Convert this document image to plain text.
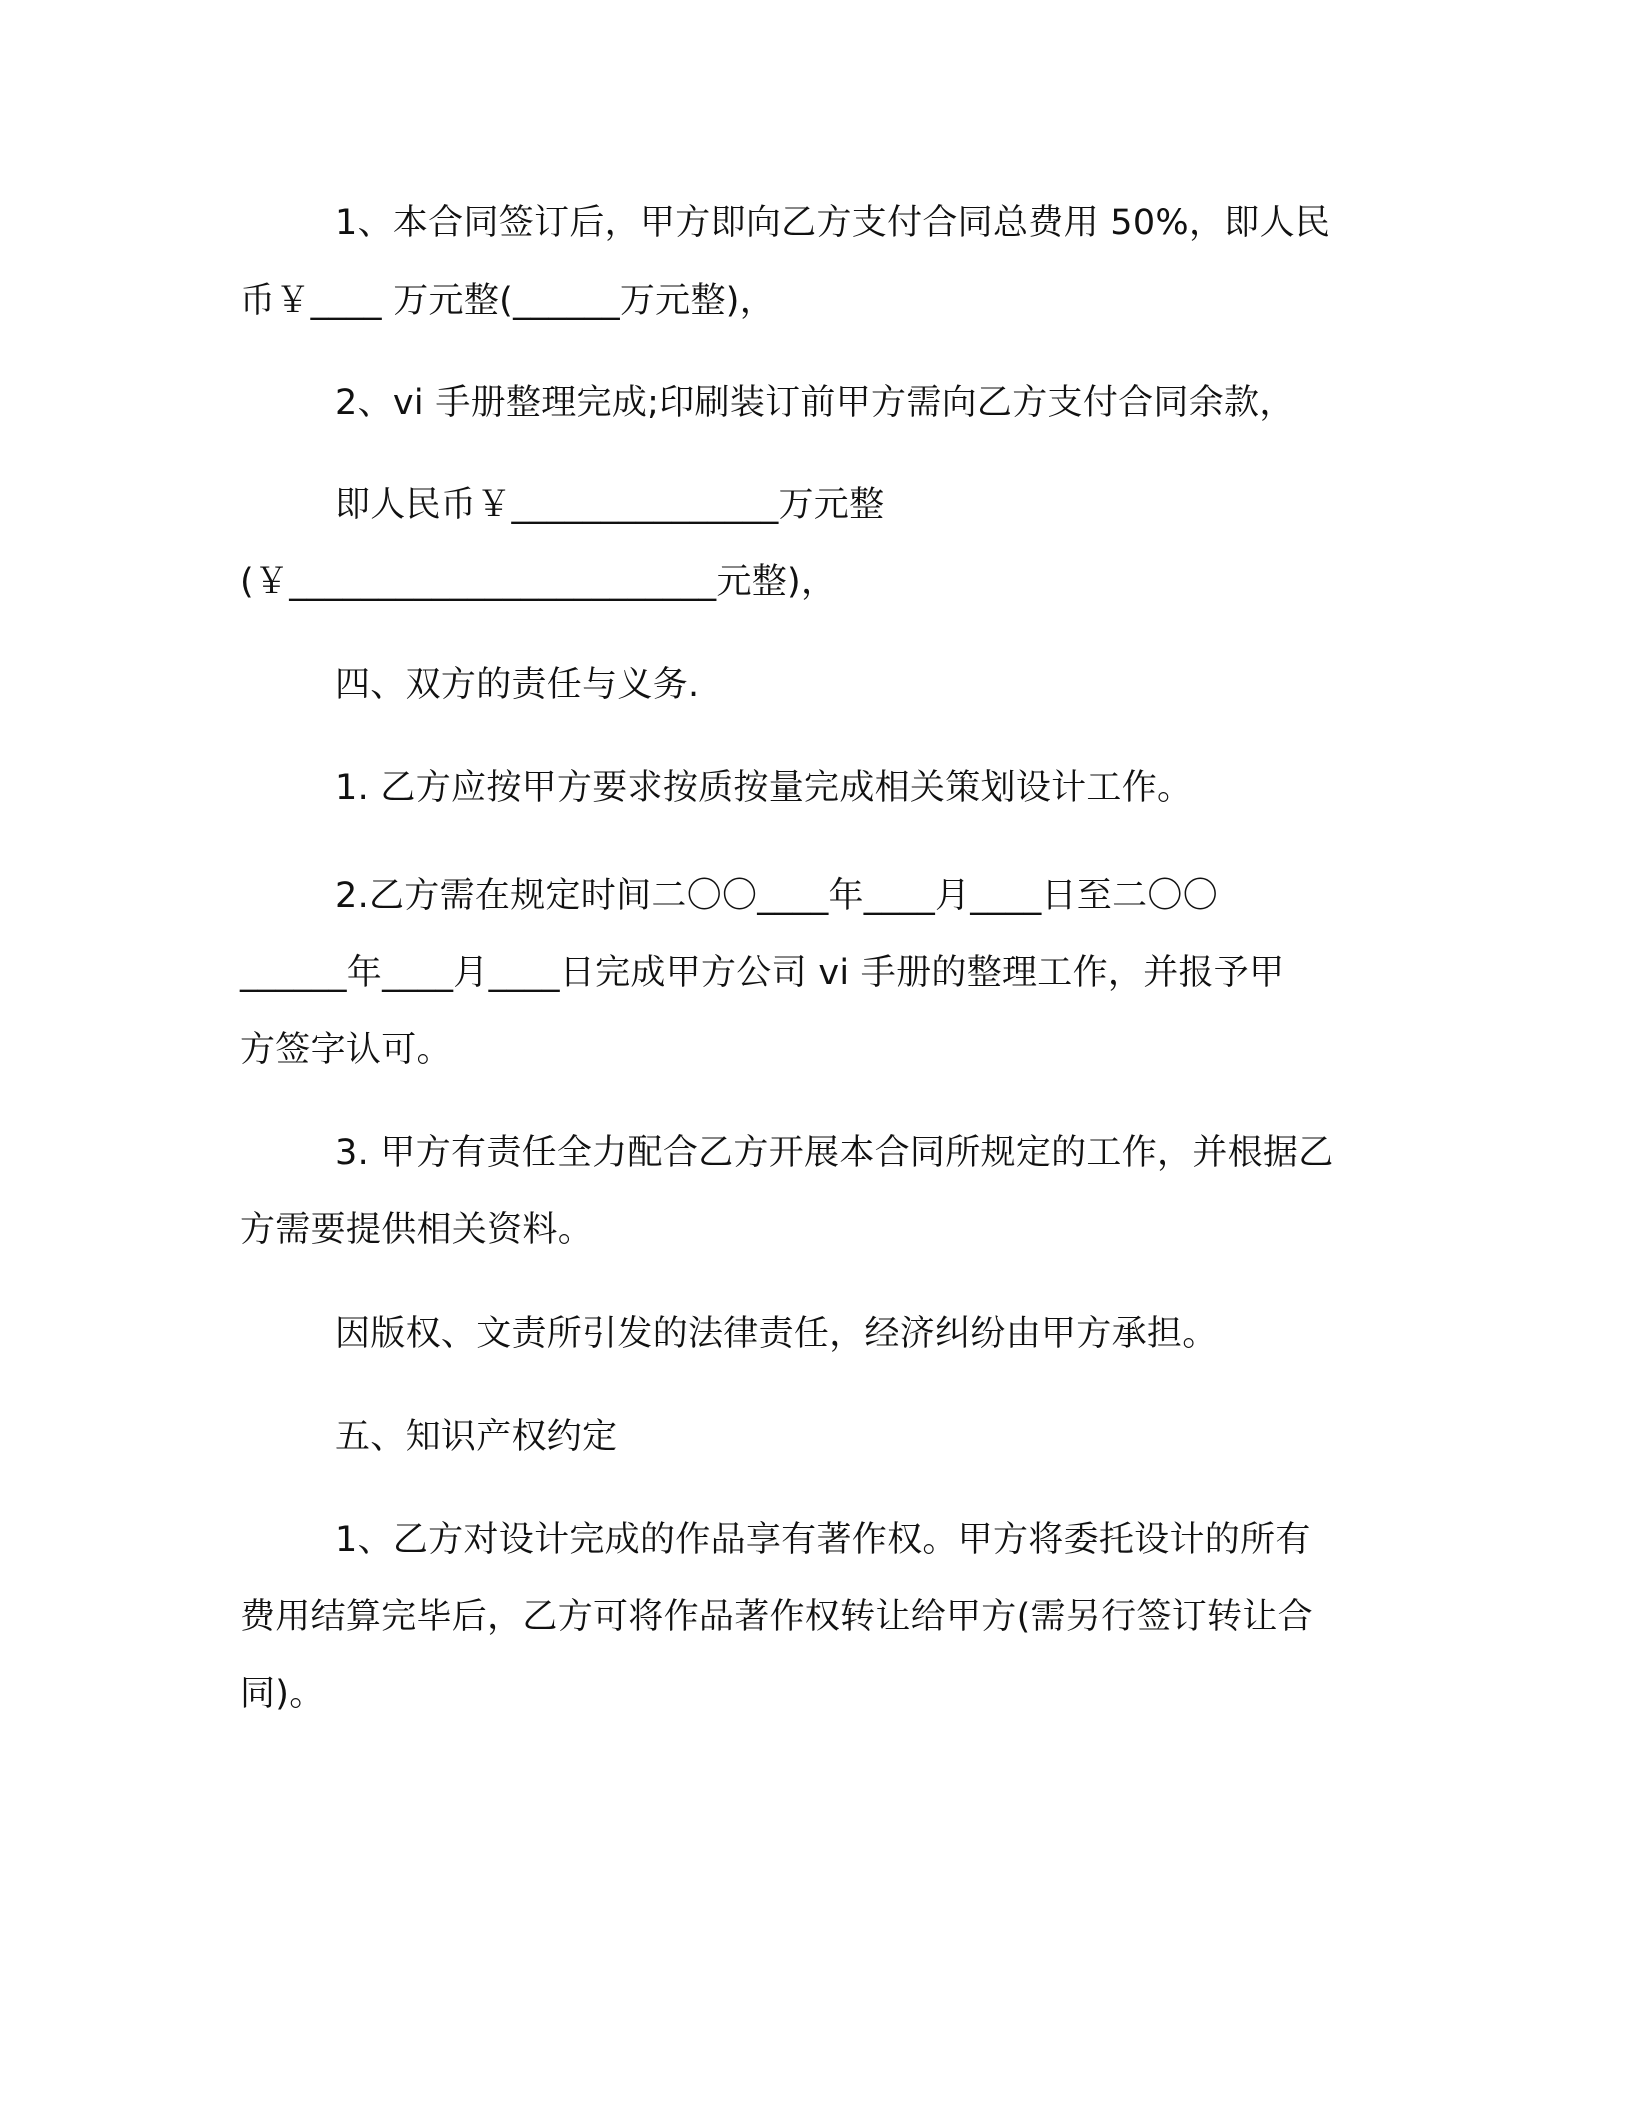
1、本合同签订后，甲方即向乙方支付合同总费用 50%，即人民
币￥____ 万元整(______万元整)，
2、vi 手册整理完成;印刷装订前甲方需向乙方支付合同余款，
即人民币￥_______________万元整
(￥________________________元整)，
四、双方的责任与义务.
1. 乙方应按甲方要求按质按量完成相关策划设计工作。
2.乙方需在规定时间二〇〇____年____月____日至二〇〇
______年____月____日完成甲方公司 vi 手册的整理工作，并报予甲
方签字认可。
3. 甲方有责任全力配合乙方开展本合同所规定的工作，并根据乙
方需要提供相关资料。
因版权、文责所引发的法律责任，经济纠纷由甲方承担。
五、知识产权约定
1、乙方对设计完成的作品享有著作权。甲方将委托设计的所有
费用结算完毕后，乙方可将作品著作权转让给甲方(需另行签订转让合
同)。
